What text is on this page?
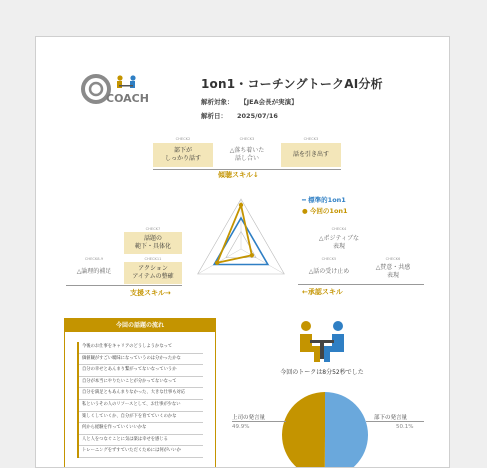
COACH
1on1・コーチングトークAI分析
解析対象： 【JEA会長が実演】
解析日： 2025/07/16
CHECK2
部下が
しっかり話す
CHECK3
△落ち着いた
話し合い
CHECK3
話を引き出す
傾聴スキル↓
━ 標準的1on1
● 今回の1on1
CHECK4
△ポジティブな
表現
CHECK5
△話の受け止め
CHECK6
△賛意・共感
表現
←承認スキル
CHECK7
話題の
範下・具体化
CHECK8-9
△論理的補足
CHECK11
アクション
アイテムの整確
支援スキル→
今回の話題の流れ
今後のお仕事をキャリアのどうしようかなって
価値観がすごい曖昧になっていうのは分かったかな
自分の幸せとあんまり繋がってないなっていうか
自分が本当にやりたいことが分かってないなって
自分を満足ともあんまりなかった、大きな仕事も対応
私というその人のリソースとして、お仕事が少ない
楽しくしていくか、自分が下を育てていくのかな
何から経験を作っていくいいかな
人と人をつなぐことに気は楽は幸せを感じる
トレーニングをずすていただくためには何がいいか
今回のトークは8分52秒でした
上司の発言量
49.9%
部下の発言量
50.1%
